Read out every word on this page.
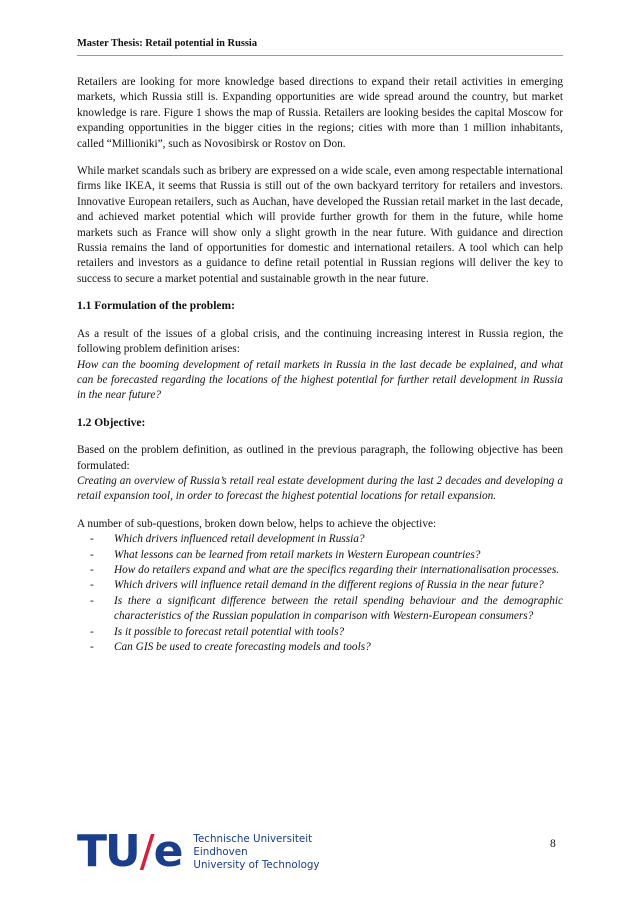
Master Thesis: Retail potential in Russia

Retailers are looking for more knowledge based directions to expand their retail activities in emerging markets, which Russia still is. Expanding opportunities are wide spread around the country, but market knowledge is rare. Figure 1 shows the map of Russia. Retailers are looking besides the capital Moscow for expanding opportunities in the bigger cities in the regions; cities with more than 1 million inhabitants, called “Millioniki”, such as Novosibirsk or Rostov on Don.

While market scandals such as bribery are expressed on a wide scale, even among respectable international firms like IKEA, it seems that Russia is still out of the own backyard territory for retailers and investors. Innovative European retailers, such as Auchan, have developed the Russian retail market in the last decade, and achieved market potential which will provide further growth for them in the future, while home markets such as France will show only a slight growth in the near future. With guidance and direction Russia remains the land of opportunities for domestic and international retailers. A tool which can help retailers and investors as a guidance to define retail potential in Russian regions will deliver the key to success to secure a market potential and sustainable growth in the near future.

1.1 Formulation of the problem:

As a result of the issues of a global crisis, and the continuing increasing interest in Russia region, the following problem definition arises:

How can the booming development of retail markets in Russia in the last decade be explained, and what can be forecasted regarding the locations of the highest potential for further retail development in Russia in the near future?

1.2 Objective:

Based on the problem definition, as outlined in the previous paragraph, the following objective has been formulated:

Creating an overview of Russia’s retail real estate development during the last 2 decades and developing a retail expansion tool, in order to forecast the highest potential locations for retail expansion.

A number of sub-questions, broken down below, helps to achieve the objective:

- Which drivers influenced retail development in Russia?
- What lessons can be learned from retail markets in Western European countries?
- How do retailers expand and what are the specifics regarding their internationalisation processes.
- Which drivers will influence retail demand in the different regions of Russia in the near future?
- Is there a significant difference between the retail spending behaviour and the demographic characteristics of the Russian population in comparison with Western-European consumers?
- Is it possible to forecast retail potential with tools?
- Can GIS be used to create forecasting models and tools?
TU / e Technische Universiteit
Eindhoven
University of Technology
8
